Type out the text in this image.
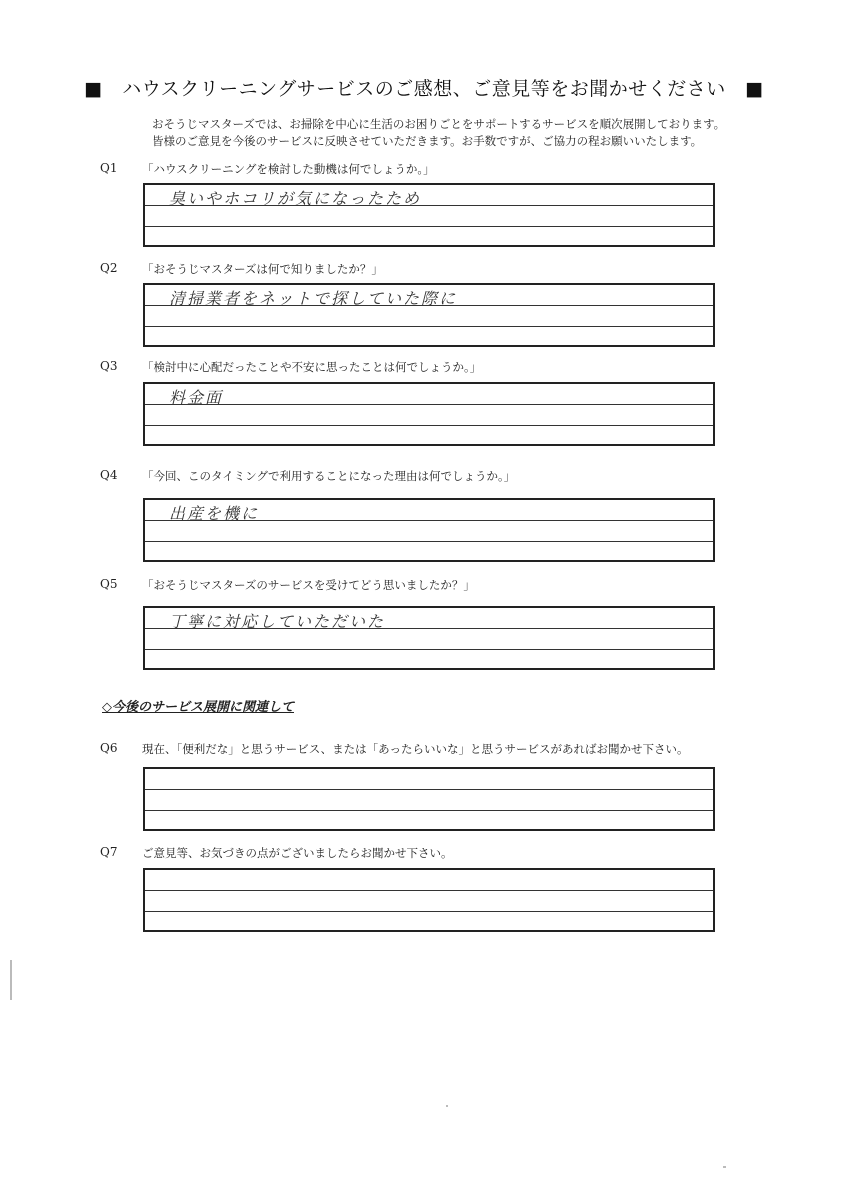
■　ハウスクリーニングサービスのご感想、ご意見等をお聞かせください　■
おそうじマスターズでは、お掃除を中心に生活のお困りごとをサポートするサービスを順次展開しております。
皆様のご意見を今後のサービスに反映させていただきます。お手数ですが、ご協力の程お願いいたします。
Q1 「ハウスクリーニングを検討した動機は何でしょうか。」
臭いやホコリが気になったため
Q2 「おそうじマスターズは何で知りましたか？」
清掃業者をネットで探していた際に
Q3 「検討中に心配だったことや不安に思ったことは何でしょうか。」
料金面
Q4 「今回、このタイミングで利用することになった理由は何でしょうか。」
出産を機に
Q5 「おそうじマスターズのサービスを受けてどう思いましたか？」
丁寧に対応していただいた
◇今後のサービス展開に関連して
Q6 現在、「便利だな」と思うサービス、または「あったらいいな」と思うサービスがあればお聞かせ下さい。
Q7 ご意見等、お気づきの点がございましたらお聞かせ下さい。
